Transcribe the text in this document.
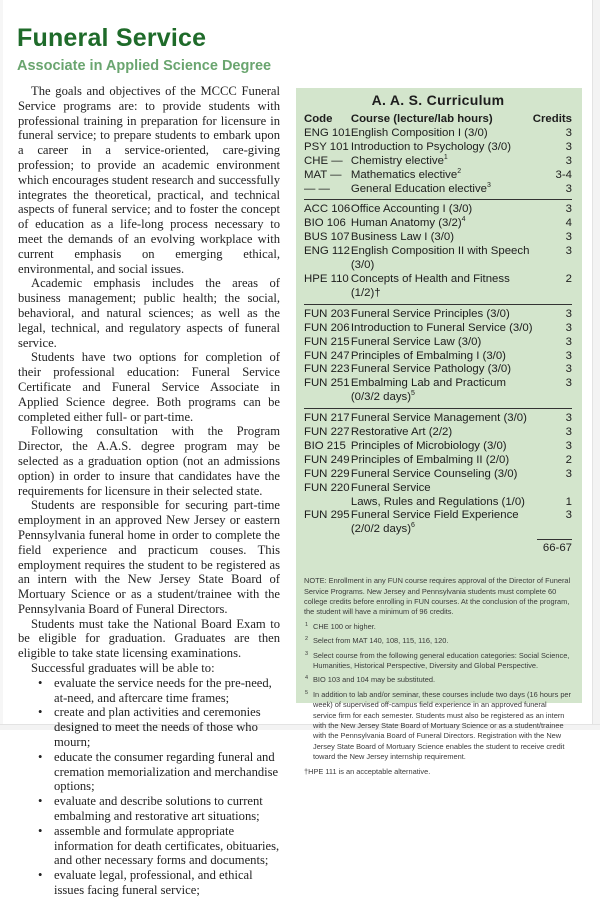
Funeral Service
Associate in Applied Science Degree

The goals and objectives of the MCCC Funeral Service programs are: to provide students with professional training in preparation for licensure in funeral service; to prepare students to embark upon a career in a service-oriented, care-giving profession; to provide an academic environment which encourages student research and successfully integrates the theoretical, practical, and technical aspects of funeral service; and to foster the concept of education as a life-long process necessary to meet the demands of an evolving workplace with current emphasis on emerging ethical, environmental, and social issues.

Academic emphasis includes the areas of business management; public health; the social, behavioral, and natural sciences; as well as the legal, technical, and regulatory aspects of funeral service.

Students have two options for completion of their professional education: Funeral Service Certificate and Funeral Service Associate in Applied Science degree. Both programs can be completed either full- or part-time.

Following consultation with the Program Director, the A.A.S. degree program may be selected as a graduation option (not an admissions option) in order to insure that candidates have the requirements for licensure in their selected state.

Students are responsible for securing part-time employment in an approved New Jersey or eastern Pennsylvania funeral home in order to complete the field experience and practicum couses. This employment requires the student to be registered as an intern with the New Jersey State Board of Mortuary Science or as a student/trainee with the Pennsylvania Board of Funeral Directors.

Students must take the National Board Exam to be eligible for graduation. Graduates are then eligible to take state licensing examinations.

Successful graduates will be able to:

• evaluate the service needs for the pre-need, at-need, and aftercare time frames;
• create and plan activities and ceremonies designed to meet the needs of those who mourn;
• educate the consumer regarding funeral and cremation memorialization and merchandise options;
• evaluate and describe solutions to current embalming and restorative art situations;
• assemble and formulate appropriate information for death certificates, obituaries, and other necessary forms and documents;
• evaluate legal, professional, and ethical issues facing funeral service;
A. A. S. Curriculum
Code	Course (lecture/lab hours)	Credits
ENG 101	English Composition I (3/0)	3
PSY 101	Introduction to Psychology (3/0)	3
CHE —	Chemistry elective$^1$	3
MAT —	Mathematics elective$^2$	3-4
— —	General Education elective$^3$	3

ACC 106	Office Accounting I (3/0)	3
BIO 106	Human Anatomy $(3/2)^4$	4
BUS 107	Business Law I (3/0)	3
ENG 112	English Composition II with Speech (3/0)	3
HPE 110	Concepts of Health and Fitness (1/2)†	2

FUN 203	Funeral Service Principles (3/0)	3
FUN 206	Introduction to Funeral Service (3/0)	3
FUN 215	Funeral Service Law (3/0)	3
FUN 247	Principles of Embalming I (3/0)	3
FUN 223	Funeral Service Pathology (3/0)	3
FUN 251	Embalming Lab and Practicum (0/3/2 days)$^5$	3

FUN 217	Funeral Service Management (3/0)	3
FUN 227	Restorative Art (2/2)	3
BIO 215	Principles of Microbiology (3/0)	3
FUN 249	Principles of Embalming II (2/0)	2
FUN 229	Funeral Service Counseling (3/0)	3
FUN 220	Funeral Service	
	Laws, Rules and Regulations (1/0)	1
FUN 295	Funeral Service Field Experience (2/0/2 days)$^6$	3
		66-67

NOTE: Enrollment in any FUN course requires approval of the Director of Funeral Service Programs. New Jersey and Pennsylvania students must complete 60 college credits before enrolling in FUN courses. At the conclusion of the program, the student will have a minimum of 96 credits.

1 CHE 100 or higher.

2 Select from MAT 140, 108, 115, 116, 120.

3 Select course from the following general education categories: Social Science, Humanities, Historical Perspective, Diversity and Global Perspective.

4 BIO 103 and 104 may be substituted.

5 In addition to lab and/or seminar, these courses include two days (16 hours per week) of supervised off-campus field experience in an approved funeral service firm for each semester. Students must also be registered as an intern with the New Jersey State Board of Mortuary Science or as a student/trainee with the Pennsylvania Board of Funeral Directors. Registration with the New Jersey State Board of Mortuary Science enables the student to receive credit toward the New Jersey internship requirement.

†HPE 111 is an acceptable alternative.
